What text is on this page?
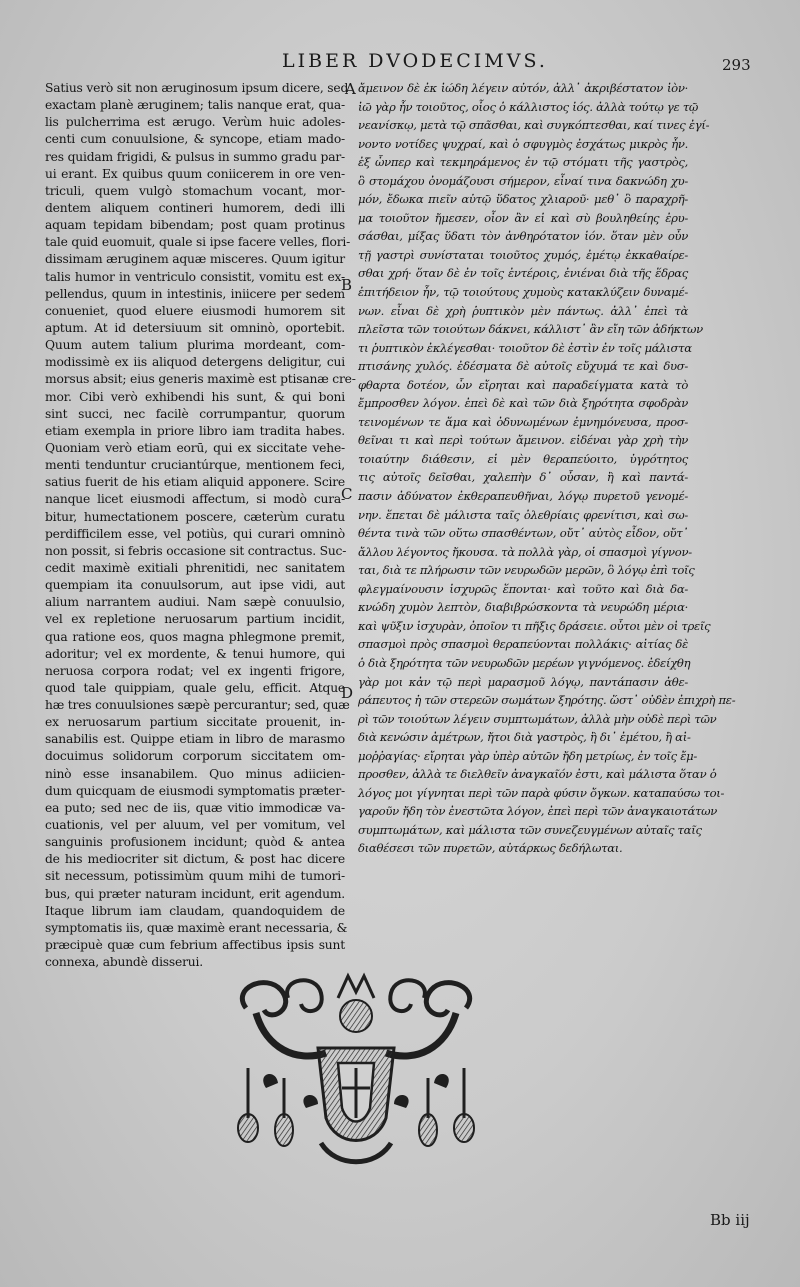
LIBER DVODECIMVS.	293
Satius verò sit non æruginosum ipsum dicere, sed
exactam planè æruginem; talis nanque erat, qua-
lis pulcherrima est ærugo. Verùm huic adoles-
centi cum conuulsione, & syncope, etiam mado-
res quidam frigidi, & pulsus in summo gradu par-
ui erant. Ex quibus quum coniicerem in ore ven-
triculi, quem vulgò stomachum vocant, mor-
dentem aliquem contineri humorem, dedi illi
aquam tepidam bibendam; post quam protinus
tale quid euomuit, quale si ipse facere velles, flori-
dissimam æruginem aquæ misceres. Quum igitur
talis humor in ventriculo consistit, vomitu est ex-
pellendus, quum in intestinis, iniicere per sedem
conueniet, quod eluere eiusmodi humorem sit
aptum. At id detersiuum sit omninò, oportebit.
Quum autem talium plurima mordeant, com-
modissimè ex iis aliquod detergens deligitur, cui
morsus absit; eius generis maximè est ptisanæ cre-
mor. Cibi verò exhibendi his sunt, & qui boni
sint succi, nec facilè corrumpantur, quorum
etiam exempla in priore libro iam tradita habes.
Quoniam verò etiam eorū, qui ex siccitate vehe-
menti tenduntur cruciantúrque, mentionem feci,
satius fuerit de his etiam aliquid apponere. Scire
nanque licet eiusmodi affectum, si modò cura-
bitur, humectationem poscere, cæterùm curatu
perdifficilem esse, vel potiùs, qui curari omninò
non possit, si febris occasione sit contractus. Suc-
cedit maximè exitiali phrenitidi, nec sanitatem
quempiam ita conuulsorum, aut ipse vidi, aut
alium narrantem audiui. Nam sæpè conuulsio,
vel ex repletione neruosarum partium incidit,
qua ratione eos, quos magna phlegmone premit,
adoritur; vel ex mordente, & tenui humore, qui
neruosa corpora rodat; vel ex ingenti frigore,
quod tale quippiam, quale gelu, efficit. Atque
hæ tres conuulsiones sæpè percurantur; sed, quæ
ex neruosarum partium siccitate prouenit, in-
sanabilis est. Quippe etiam in libro de marasmo
docuimus solidorum corporum siccitatem om-
ninò esse insanabilem. Quo minus adiicien-
dum quicquam de eiusmodi symptomatis præter-
ea puto; sed nec de iis, quæ vitio immodicæ va-
cuationis, vel per aluum, vel per vomitum, vel
sanguinis profusionem incidunt; quòd & antea
de his mediocriter sit dictum, & post hac dicere
sit necessum, potissimùm quum mihi de tumori-
bus, qui præter naturam incidunt, erit agendum.
Itaque librum iam claudam, quandoquidem de
symptomatis iis, quæ maximè erant necessaria, &
præcipuè quæ cum febrium affectibus ipsis sunt
connexa, abundè disserui.
A
B
C
D
ἄμεινον δὲ ἐκ ἰώδη λέγειν αὐτόν, ἀλλ᾽ ἀκριβέστατον ἰὸν·
ἰῶ γὰρ ἦν τοιοῦτος, οἷος ὁ κάλλιστος ἰός. ἀλλὰ τούτῳ γε τῷ
νεανίσκῳ, μετὰ τῷ σπᾶσθαι, καὶ συγκόπτεσθαι, καί τινες ἐγί-
νοντο νοτίδες ψυχραί, καὶ ὁ σφυγμὸς ἐσχάτως μικρὸς ἦν.
ἐξ ὧνπερ καὶ τεκμηράμενος ἐν τῷ στόματι τῆς γαστρὸς,
ὃ στομάχου ὀνομάζουσι σήμερον, εἶναί τινα δακνώδη χυ-
μόν, ἔδωκα πιεῖν αὐτῷ ὕδατος χλιαροῦ· μεθ᾽ ὃ παραχρῆ-
μα τοιοῦτον ἤμεσεν, οἷον ἂν εἰ καὶ σὺ βουληθείης ἐρυ-
σάσθαι, μίξας ὕδατι τὸν ἀνθηρότατον ἰόν. ὅταν μὲν οὖν
τῇ γαστρὶ συνίσταται τοιοῦτος χυμός, ἐμέτῳ ἐκκαθαίρε-
σθαι χρή· ὅταν δὲ ἐν τοῖς ἐντέροις, ἐνιέναι διὰ τῆς ἕδρας
ἐπιτήδειον ἦν, τῷ τοιούτους χυμοὺς κατακλύζειν δυναμέ-
νων. εἶναι δὲ χρὴ ῥυπτικὸν μὲν πάντως. ἀλλ᾽ ἐπεὶ τὰ
πλεῖστα τῶν τοιούτων δάκνει, κάλλιστ᾽ ἂν εἴη τῶν ἀδήκτων
τι ῥυπτικὸν ἐκλέγεσθαι· τοιοῦτον δὲ ἐστὶν ἐν τοῖς μάλιστα
πτισάνης χυλός. ἐδέσματα δὲ αὐτοῖς εὔχυμά τε καὶ δυσ-
φθαρτα δοτέον, ὧν εἴρηται καὶ παραδείγματα κατὰ τὸ
ἔμπροσθεν λόγον. ἐπεὶ δὲ καὶ τῶν διὰ ξηρότητα σφοδρὰν
τεινομένων τε ἅμα καὶ ὀδυνωμένων ἐμνημόνευσα, προσ-
θεῖναι τι καὶ περὶ τούτων ἄμεινον. εἰδέναι γὰρ χρὴ τὴν
τοιαύτην διάθεσιν, εἰ μὲν θεραπεύοιτο, ὑγρότητος
τις αὐτοῖς δεῖσθαι, χαλεπὴν δ᾽ οὖσαν, ἢ καὶ παντά-
πασιν ἀδύνατον ἐκθεραπευθῆναι, λόγῳ πυρετοῦ γενομέ-
νην. ἕπεται δὲ μάλιστα ταῖς ὀλεθρίαις φρενίτισι, καὶ σω-
θέντα τινὰ τῶν οὕτω σπασθέντων, οὔτ᾽ αὐτὸς εἶδον, οὔτ᾽
ἄλλου λέγοντος ἤκουσα. τὰ πολλὰ γὰρ, οἱ σπασμοὶ γίγνον-
ται, διὰ τε πλήρωσιν τῶν νευρωδῶν μερῶν, ὃ λόγῳ ἐπὶ τοῖς
φλεγμαίνουσιν ἰσχυρῶς ἕπονται· καὶ τοῦτο καὶ διὰ δα-
κνώδη χυμὸν λεπτὸν, διαβιβρώσκοντα τὰ νευρώδη μέρια·
καὶ ψῦξιν ἰσχυρὰν, ὁποῖον τι πῆξις δράσειε. οὗτοι μὲν οἱ τρεῖς
σπασμοὶ πρὸς σπασμοὶ θεραπεύονται πολλάκις· αἰτίας δὲ
ὁ διὰ ξηρότητα τῶν νευρωδῶν μερέων γιγνόμενος. ἐδείχθη
γὰρ μοι κἀν τῷ περὶ μαρασμοῦ λόγῳ, παντάπασιν ἀθε-
ράπευτος ἡ τῶν στερεῶν σωμάτων ξηρότης. ὥστ᾽ οὐδὲν ἐπιχρὴ πε-
ρὶ τῶν τοιούτων λέγειν συμπτωμάτων, ἀλλὰ μὴν οὐδὲ περὶ τῶν
διὰ κενώσιν ἀμέτρων, ἤτοι διὰ γαστρὸς, ἢ δι᾽ ἐμέτου, ἢ αἱ-
μοῤῥαγίας· εἴρηται γὰρ ὑπὲρ αὐτῶν ἤδη μετρίως, ἐν τοῖς ἔμ-
προσθεν, ἀλλὰ τε διελθεῖν ἀναγκαῖόν ἐστι, καὶ μάλιστα ὅταν ὁ
λόγος μοι γίγνηται περὶ τῶν παρὰ φύσιν ὄγκων. καταπαύσω τοι-
γαροῦν ἤδη τὸν ἐνεστῶτα λόγον, ἐπεὶ περὶ τῶν ἀναγκαιοτάτων
συμπτωμάτων, καὶ μάλιστα τῶν συνεζευγμένων αὐταῖς ταῖς
διαθέσεσι τῶν πυρετῶν, αὐτάρκως δεδήλωται.
Bb iij
